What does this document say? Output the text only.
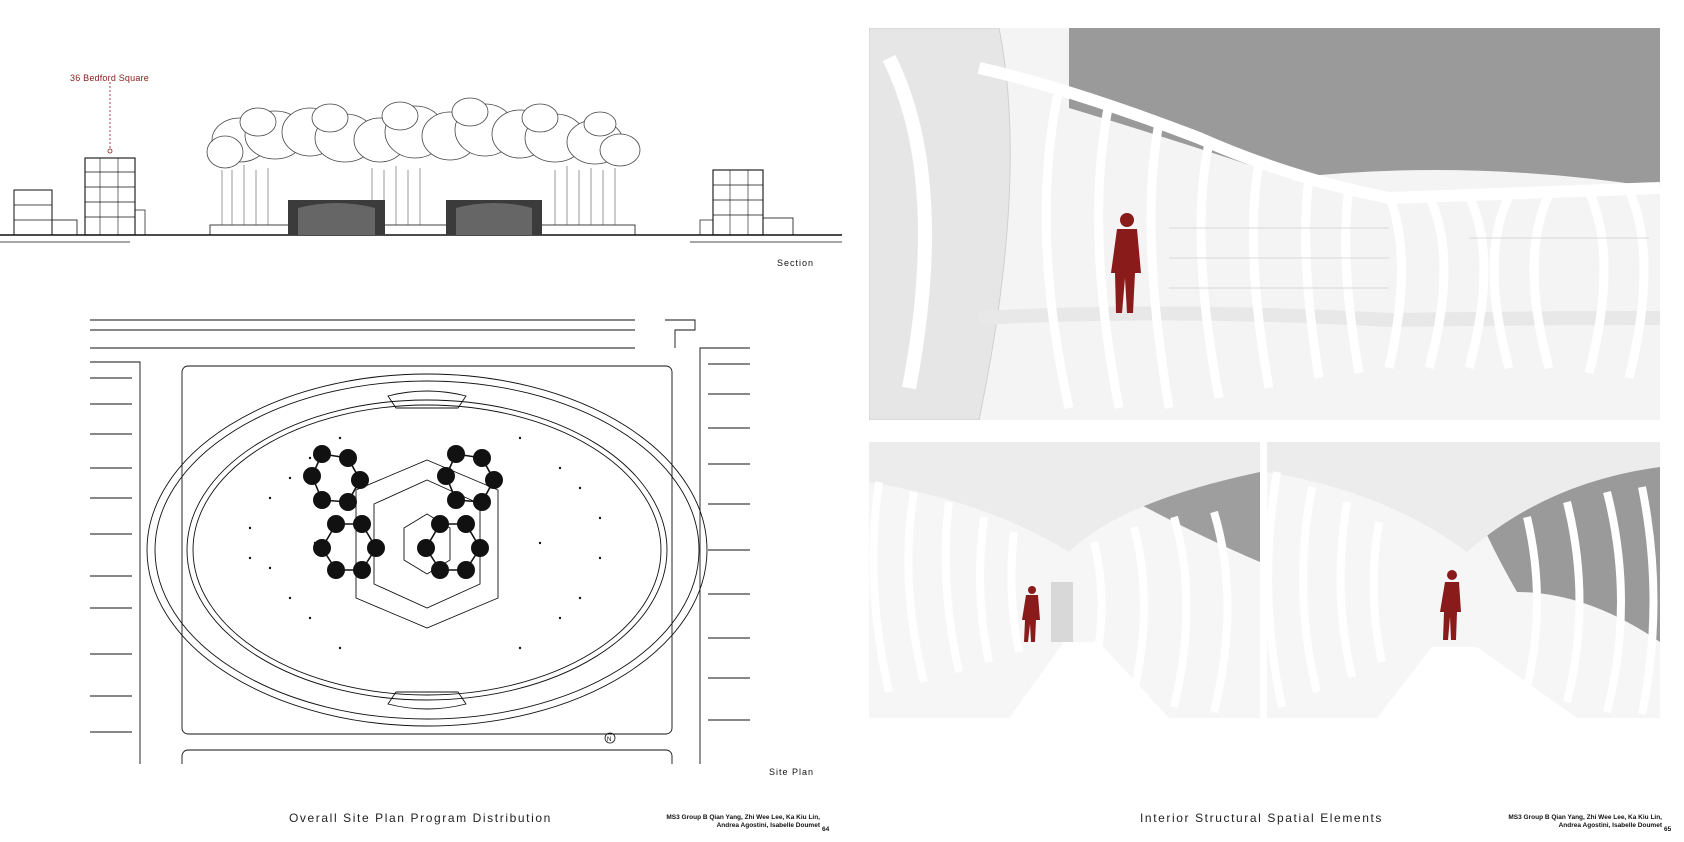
36 Bedford Square
Section
N
Site Plan
Overall Site Plan Program Distribution	MS3 Group B Qian Yang, Zhi Wee Lee, Ka Kiu Lin, Andrea Agostini, Isabelle Doumet
64
Interior Structural Spatial Elements	MS3 Group B Qian Yang, Zhi Wee Lee, Ka Kiu Lin, Andrea Agostini, Isabelle Doumet
65
